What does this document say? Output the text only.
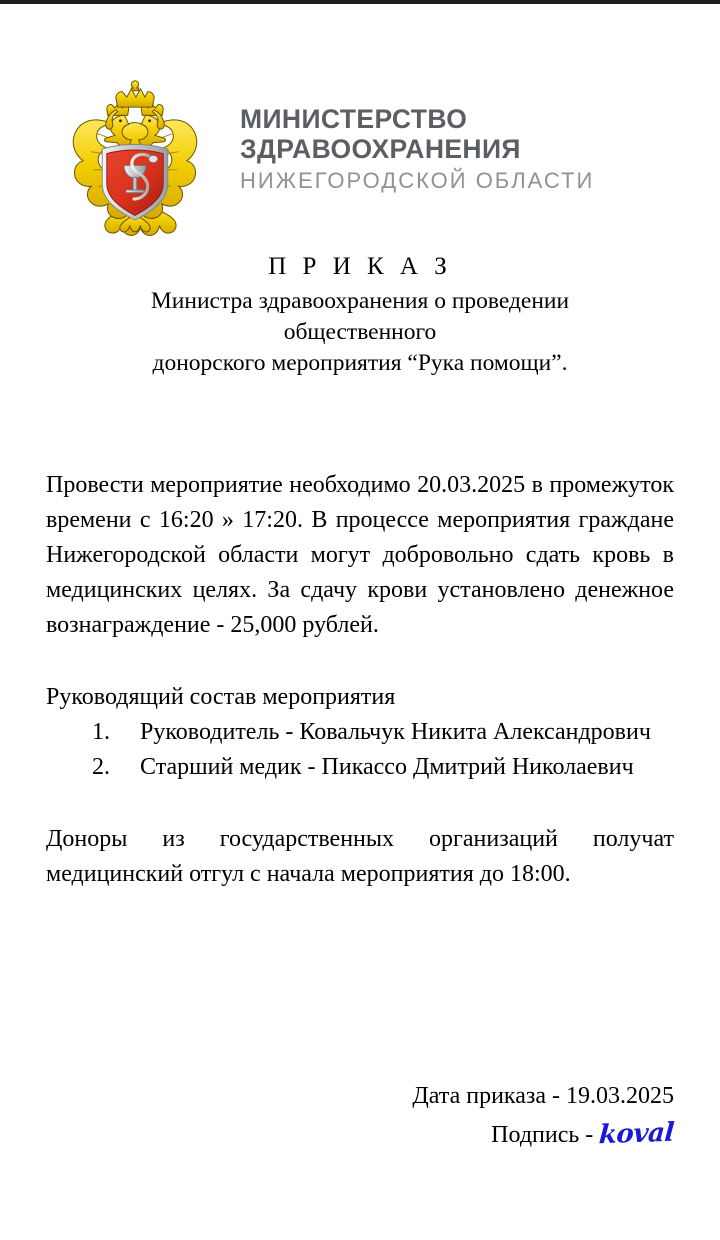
МИНИСТЕРСТВО
ЗДРАВООХРАНЕНИЯ
НИЖЕГОРОДСКОЙ ОБЛАСТИ
П Р И К А З
Министра здравоохранения о проведении
общественного
донорского мероприятия “Рука помощи”.

Провести мероприятие необходимо 20.03.2025 в промежуток времени с 16:20 » 17:20. В процессе мероприятия граждане Нижегородской области могут добровольно сдать кровь в медицинских целях. За сдачу крови установлено денежное вознаграждение - 25,000 рублей.

Руководящий состав мероприятия

1.	Руководитель - Ковальчук Никита Александрович
2.	Старший медик - Пикассо Дмитрий Николаевич

Доноры из государственных организаций получат медицинский отгул с начала мероприятия до 18:00.

Дата приказа - 19.03.2025
Подпись - koval
